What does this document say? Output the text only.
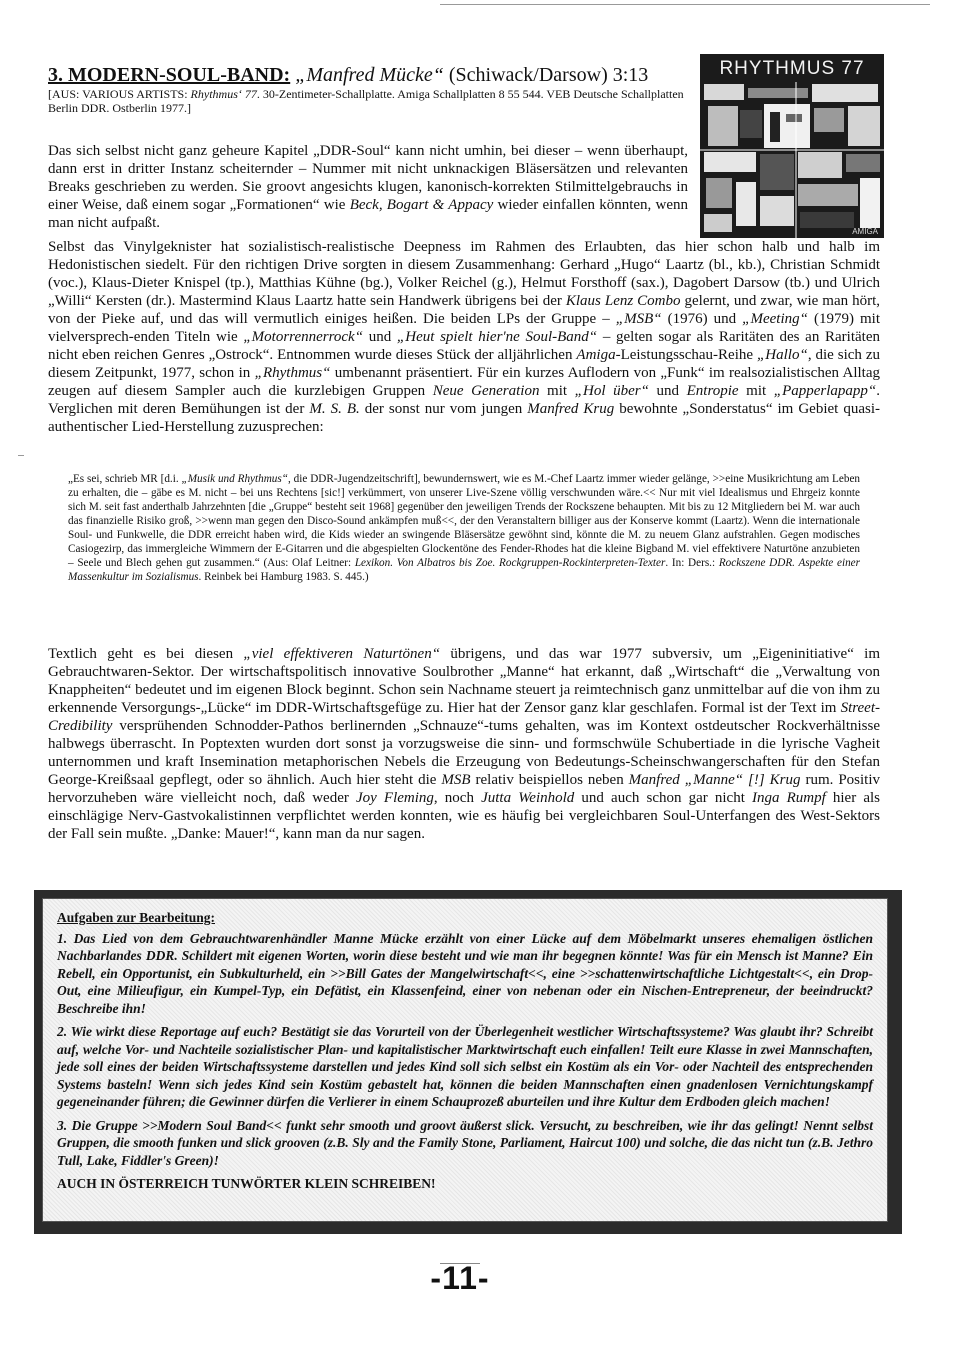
3. MODERN-SOUL-BAND: „Manfred Mücke“ (Schiwack/Darsow) 3:13

[AUS: VARIOUS ARTISTS: Rhythmus‘ 77. 30-Zentimeter-Schallplatte. Amiga Schallplatten 8 55 544. VEB Deutsche Schallplatten Berlin DDR. Ostberlin 1977.]
RHYTHMUS 77
AMIGA
Das sich selbst nicht ganz geheure Kapitel „DDR-Soul“ kann nicht umhin, bei dieser – wenn überhaupt, dann erst in dritter Instanz scheiternder – Nummer mit nicht unknackigen Bläsersätzen und relevanten Breaks geschrieben zu werden. Sie groovt angesichts klugen, kanonisch-korrekten Stilmittelgebrauchs in einer Weise, daß einem sogar „Formationen“ wie Beck, Bogart & Appacy wieder einfallen könnten, wenn man nicht aufpaßt.
Selbst das Vinylgeknister hat sozialistisch-realistische Deepness im Rahmen des Erlaubten, das hier schon halb und halb im Hedonistischen siedelt. Für den richtigen Drive sorgten in diesem Zusammenhang: Gerhard „Hugo“ Laartz (bl., kb.), Christian Schmidt (voc.), Klaus-Dieter Knispel (tp.), Matthias Kühne (bg.), Volker Reichel (g.), Helmut Forsthoff (sax.), Dagobert Darsow (tb.) und Ulrich „Willi“ Kersten (dr.). Mastermind Klaus Laartz hatte sein Handwerk übrigens bei der Klaus Lenz Combo gelernt, und zwar, wie man hört, von der Pieke auf, und das will vermutlich einiges heißen. Die beiden LPs der Gruppe – „MSB“ (1976) und „Meeting“ (1979) mit vielversprech-enden Titeln wie „Motorrennerrock“ und „Heut spielt hier'ne Soul-Band“ – gelten sogar als Raritäten des an Raritäten nicht eben reichen Genres „Ostrock“. Entnommen wurde dieses Stück der alljährlichen Amiga-Leistungsschau-Reihe „Hallo“, die sich zu diesem Zeitpunkt, 1977, schon in „Rhythmus“ umbenannt präsentiert. Für ein kurzes Auflodern von „Funk“ im realsozialistischen Alltag zeugen auf diesem Sampler auch die kurzlebigen Gruppen Neue Generation mit „Hol über“ und Entropie mit „Papperlapapp“. Verglichen mit deren Bemühungen ist der M. S. B. der sonst nur vom jungen Manfred Krug bewohnte „Sonderstatus“ im Gebiet quasi-authentischer Lied-Herstellung zuzusprechen:
„Es sei, schrieb MR [d.i. „Musik und Rhythmus“, die DDR-Jugendzeitschrift], bewundernswert, wie es M.-Chef Laartz immer wieder gelänge, >>eine Musikrichtung am Leben zu erhalten, die – gäbe es M. nicht – bei uns Rechtens [sic!] verkümmert, von unserer Live-Szene völlig verschwunden wäre.<< Nur mit viel Idealismus und Ehrgeiz konnte sich M. seit fast anderthalb Jahrzehnten [die „Gruppe“ besteht seit 1968] gegenüber den jeweiligen Trends der Rockszene behaupten. Mit bis zu 12 Mitgliedern bei M. war auch das finanzielle Risiko groß, >>wenn man gegen den Disco-Sound ankämpfen muß<<, der den Veranstaltern billiger aus der Konserve kommt (Laartz). Wenn die internationale Soul- und Funkwelle, die DDR erreicht haben wird, die Kids wieder an swingende Bläsersätze gewöhnt sind, könnte die M. zu neuem Glanz aufstrahlen. Gegen modisches Casiogezirp, das immergleiche Wimmern der E-Gitarren und die abgespielten Glockentöne des Fender-Rhodes hat die kleine Bigband M. viel effektivere Naturtöne anzubieten – Seele und Blech gehen gut zusammen.“ (Aus: Olaf Leitner: Lexikon. Von Albatros bis Zoe. Rockgruppen-Rockinterpreten-Texter. In: Ders.: Rockszene DDR. Aspekte einer Massenkultur im Sozialismus. Reinbek bei Hamburg 1983. S. 445.)
Textlich geht es bei diesen „viel effektiveren Naturtönen“ übrigens, und das war 1977 subversiv, um „Eigeninitiative“ im Gebrauchtwaren-Sektor. Der wirtschaftspolitisch innovative Soulbrother „Manne“ hat erkannt, daß „Wirtschaft“ die „Verwaltung von Knappheiten“ bedeutet und im eigenen Block beginnt. Schon sein Nachname steuert ja reimtechnisch ganz unmittelbar auf die von ihm zu erkennende Versorgungs-„Lücke“ im DDR-Wirtschaftsgefüge zu. Hier hat der Zensor ganz klar geschlafen. Formal ist der Text im Street-Credibility versprühenden Schnodder-Pathos berlinernden „Schnauze“-tums gehalten, was im Kontext ostdeutscher Rockverhältnisse halbwegs überrascht. In Poptexten wurden dort sonst ja vorzugsweise die sinn- und formschwüle Schubertiade in die lyrische Vagheit unternommen und kraft Insemination metaphorischen Nebels die Erzeugung von Bedeutungs-Scheinschwangerschaften für den Stefan George-Kreißsaal gepflegt, oder so ähnlich. Auch hier steht die MSB relativ beispiellos neben Manfred „Manne“ [!] Krug rum. Positiv hervorzuheben wäre vielleicht noch, daß weder Joy Fleming, noch Jutta Weinhold und auch schon gar nicht Inga Rumpf hier als einschlägige Nerv-Gastvokalistinnen verpflichtet werden konnten, wie es häufig bei vergleichbaren Soul-Unterfangen des West-Sektors der Fall sein mußte. „Danke: Mauer!“, kann man da nur sagen.
Aufgaben zur Bearbeitung:
1. Das Lied von dem Gebrauchtwarenhändler Manne Mücke erzählt von einer Lücke auf dem Möbelmarkt unseres ehemaligen östlichen Nachbarlandes DDR. Schildert mit eigenen Worten, worin diese besteht und wie man ihr begegnen könnte! Was für ein Mensch ist Manne? Ein Rebell, ein Opportunist, ein Subkulturheld, ein >>Bill Gates der Mangelwirtschaft<<, eine >>schattenwirtschaftliche Lichtgestalt<<, ein Drop-Out, eine Milieufigur, ein Kumpel-Typ, ein Defätist, ein Klassenfeind, einer von nebenan oder ein Nischen-Entrepreneur, der beeindruckt? Beschreibe ihn!
2. Wie wirkt diese Reportage auf euch? Bestätigt sie das Vorurteil von der Überlegenheit westlicher Wirtschaftssysteme? Was glaubt ihr? Schreibt auf, welche Vor- und Nachteile sozialistischer Plan- und kapitalistischer Marktwirtschaft euch einfallen! Teilt eure Klasse in zwei Mannschaften, jede soll eines der beiden Wirtschaftssysteme darstellen und jedes Kind soll sich selbst ein Kostüm als ein Vor- oder Nachteil des entsprechenden Systems basteln! Wenn sich jedes Kind sein Kostüm gebastelt hat, können die beiden Mannschaften einen gnadenlosen Vernichtungskampf gegeneinander führen; die Gewinner dürfen die Verlierer in einem Schauprozeß aburteilen und ihre Kultur dem Erdboden gleich machen!
3. Die Gruppe >>Modern Soul Band<< funkt sehr smooth und groovt äußerst slick. Versucht, zu beschreiben, wie ihr das gelingt! Nennt selbst Gruppen, die smooth funken und slick grooven (z.B. Sly and the Family Stone, Parliament, Haircut 100) und solche, die das nicht tun (z.B. Jethro Tull, Lake, Fiddler's Green)!
AUCH IN ÖSTERREICH TUNWÖRTER KLEIN SCHREIBEN!
-11-
